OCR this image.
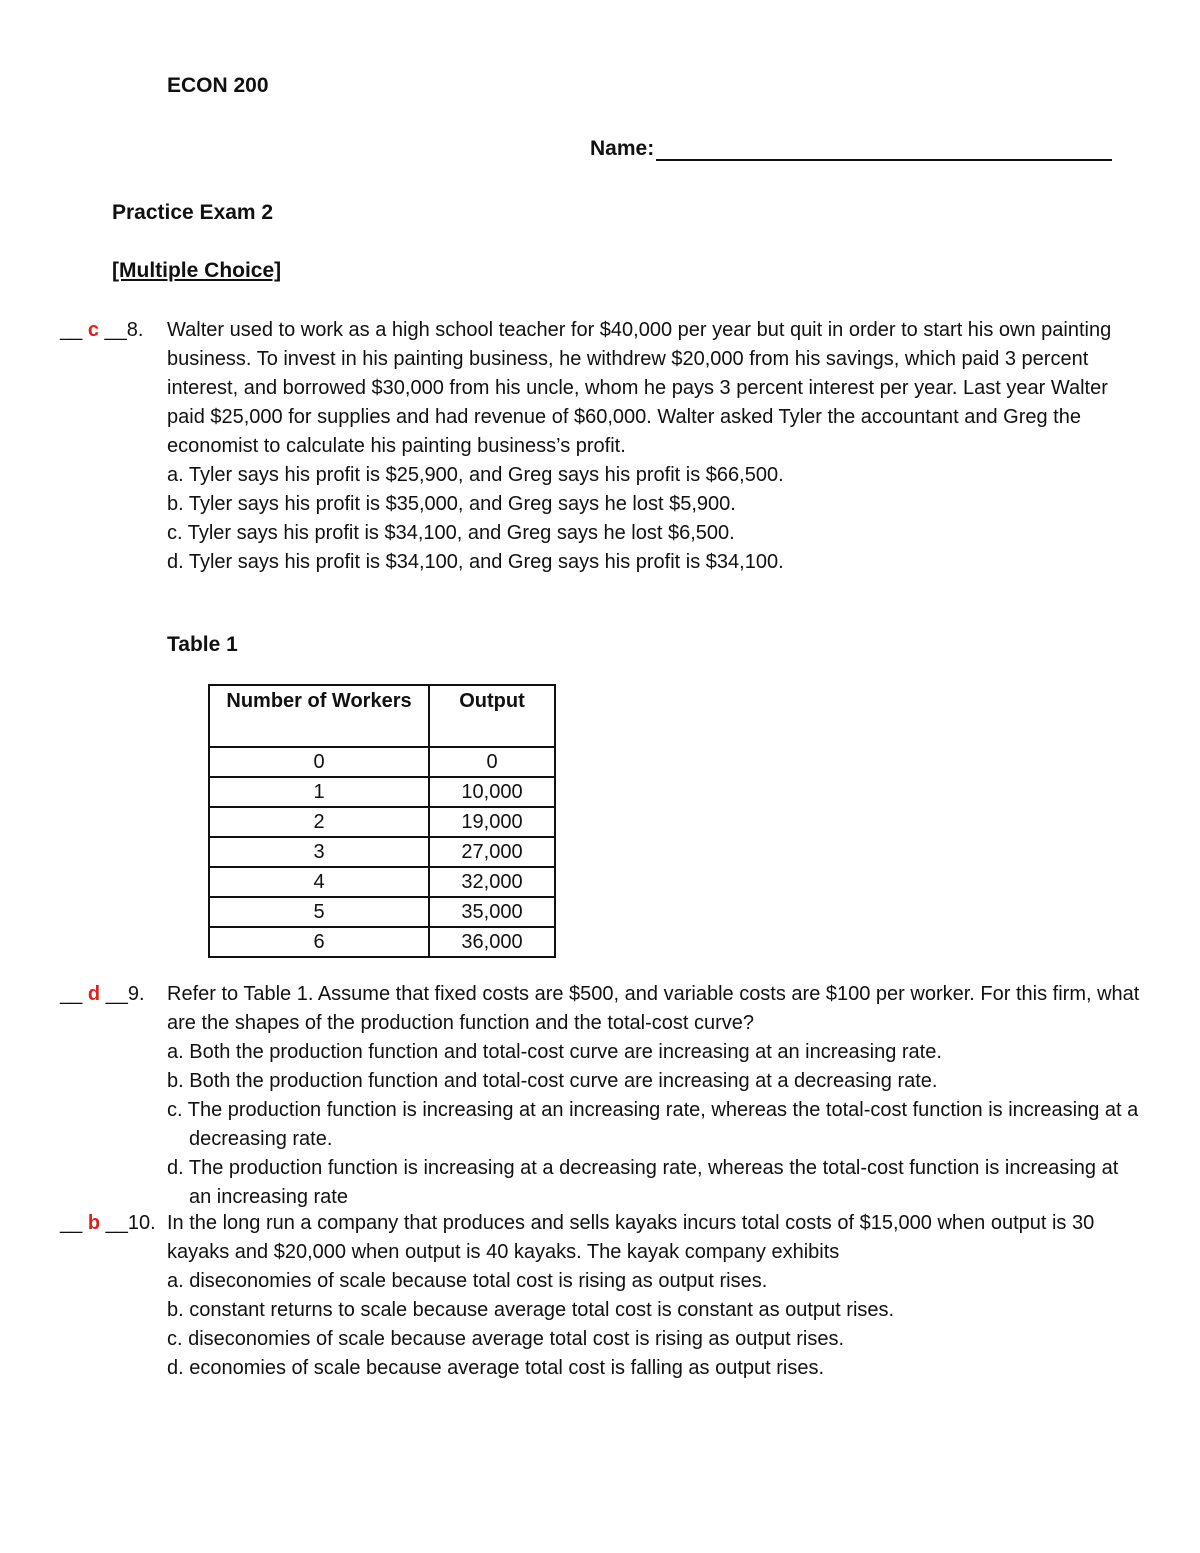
ECON 200
Name:
Practice Exam 2
[Multiple Choice]
__ c __8.	Walter used to work as a high school teacher for $40,000 per year but quit in order to start his own painting business. To invest in his painting business, he withdrew $20,000 from his savings, which paid 3 percent interest, and borrowed $30,000 from his uncle, whom he pays 3 percent interest per year. Last year Walter paid $25,000 for supplies and had revenue of $60,000. Walter asked Tyler the accountant and Greg the economist to calculate his painting business’s profit.
a. Tyler says his profit is $25,900, and Greg says his profit is $66,500.
b. Tyler says his profit is $35,000, and Greg says he lost $5,900.
c. Tyler says his profit is $34,100, and Greg says he lost $6,500.
d. Tyler says his profit is $34,100, and Greg says his profit is $34,100.
Table 1
Number of Workers	Output
0	0
1	10,000
2	19,000
3	27,000
4	32,000
5	35,000
6	36,000
__ d __9.	Refer to Table 1. Assume that fixed costs are $500, and variable costs are $100 per worker. For this firm, what are the shapes of the production function and the total-cost curve?
a. Both the production function and total-cost curve are increasing at an increasing rate.
b. Both the production function and total-cost curve are increasing at a decreasing rate.
c. The production function is increasing at an increasing rate, whereas the total-cost function is increasing at a decreasing rate.
d. The production function is increasing at a decreasing rate, whereas the total-cost function is increasing at an increasing rate
__ b __10. In the long run a company that produces and sells kayaks incurs total costs of $15,000 when output is 30 kayaks and $20,000 when output is 40 kayaks. The kayak company exhibits
a. diseconomies of scale because total cost is rising as output rises.
b. constant returns to scale because average total cost is constant as output rises.
c. diseconomies of scale because average total cost is rising as output rises.
d. economies of scale because average total cost is falling as output rises.
